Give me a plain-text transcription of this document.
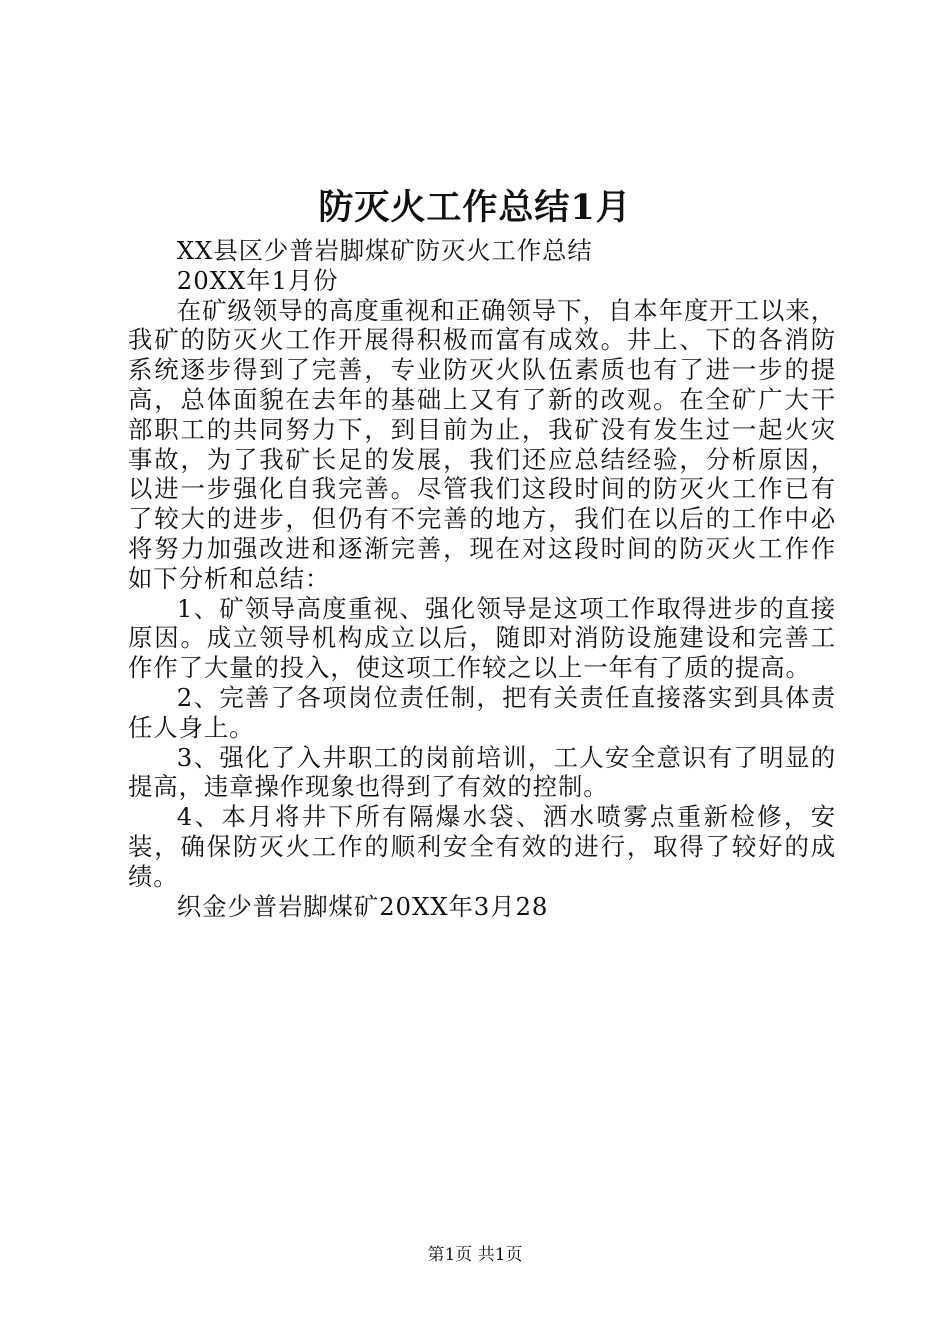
防灭火工作总结1月

XX县区少普岩脚煤矿防灭火工作总结

20XX年1月份

在矿级领导的高度重视和正确领导下，自本年度开工以来，我矿的防灭火工作开展得积极而富有成效。井上、下的各消防系统逐步得到了完善，专业防灭火队伍素质也有了进一步的提高，总体面貌在去年的基础上又有了新的改观。在全矿广大干部职工的共同努力下，到目前为止，我矿没有发生过一起火灾事故，为了我矿长足的发展，我们还应总结经验，分析原因，以进一步强化自我完善。尽管我们这段时间的防灭火工作已有了较大的进步，但仍有不完善的地方，我们在以后的工作中必将努力加强改进和逐渐完善，现在对这段时间的防灭火工作作如下分析和总结：

1、矿领导高度重视、强化领导是这项工作取得进步的直接原因。成立领导机构成立以后，随即对消防设施建设和完善工作作了大量的投入，使这项工作较之以上一年有了质的提高。

2、完善了各项岗位责任制，把有关责任直接落实到具体责任人身上。

3、强化了入井职工的岗前培训，工人安全意识有了明显的提高，违章操作现象也得到了有效的控制。

4、本月将井下所有隔爆水袋、洒水喷雾点重新检修，安装，确保防灭火工作的顺利安全有效的进行，取得了较好的成绩。

织金少普岩脚煤矿20XX年3月28

第1页 共1页
